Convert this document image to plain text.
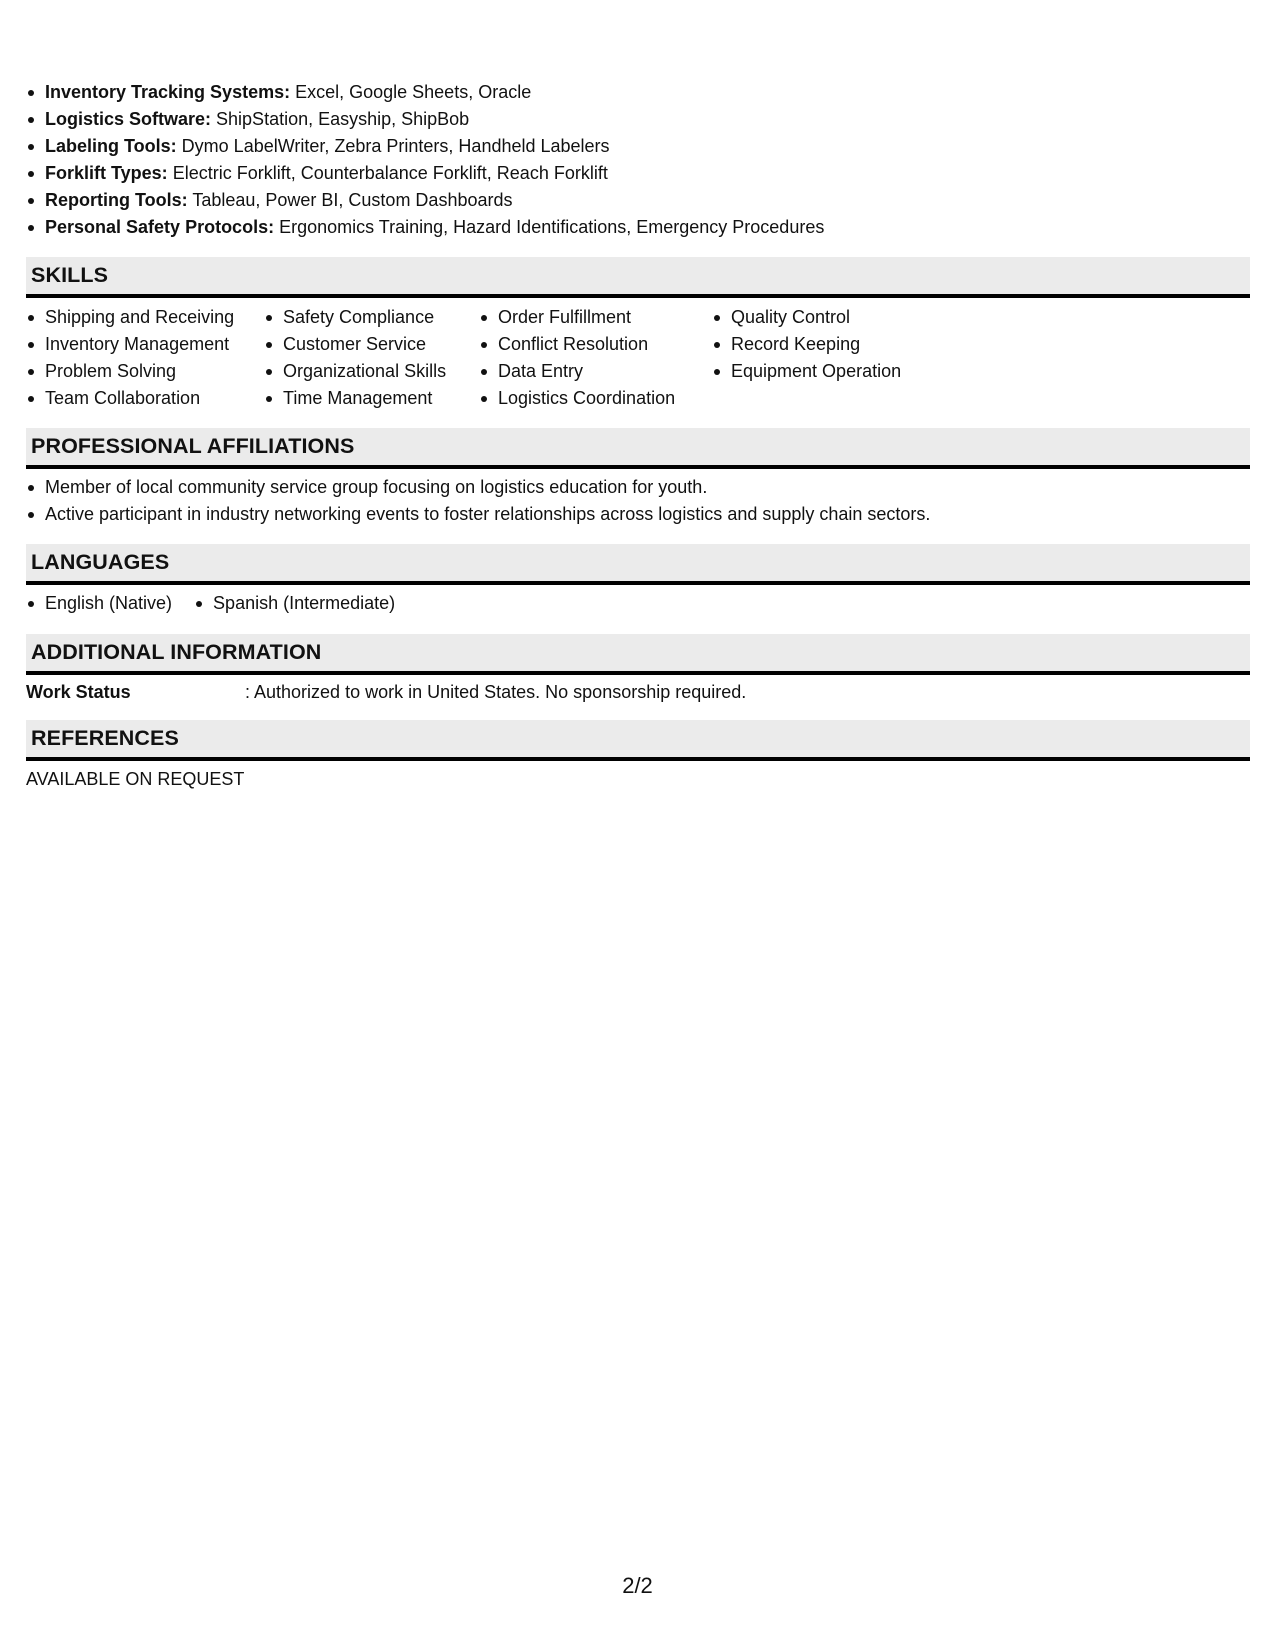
Inventory Tracking Systems: Excel, Google Sheets, Oracle
Logistics Software: ShipStation, Easyship, ShipBob
Labeling Tools: Dymo LabelWriter, Zebra Printers, Handheld Labelers
Forklift Types: Electric Forklift, Counterbalance Forklift, Reach Forklift
Reporting Tools: Tableau, Power BI, Custom Dashboards
Personal Safety Protocols: Ergonomics Training, Hazard Identifications, Emergency Procedures
SKILLS
Shipping and Receiving
Inventory Management
Problem Solving
Team Collaboration
Safety Compliance
Customer Service
Organizational Skills
Time Management
Order Fulfillment
Conflict Resolution
Data Entry
Logistics Coordination
Quality Control
Record Keeping
Equipment Operation
PROFESSIONAL AFFILIATIONS
Member of local community service group focusing on logistics education for youth.
Active participant in industry networking events to foster relationships across logistics and supply chain sectors.
LANGUAGES
English (Native) Spanish (Intermediate)
ADDITIONAL INFORMATION
Work Status	: Authorized to work in United States. No sponsorship required.
REFERENCES
AVAILABLE ON REQUEST
2/2
